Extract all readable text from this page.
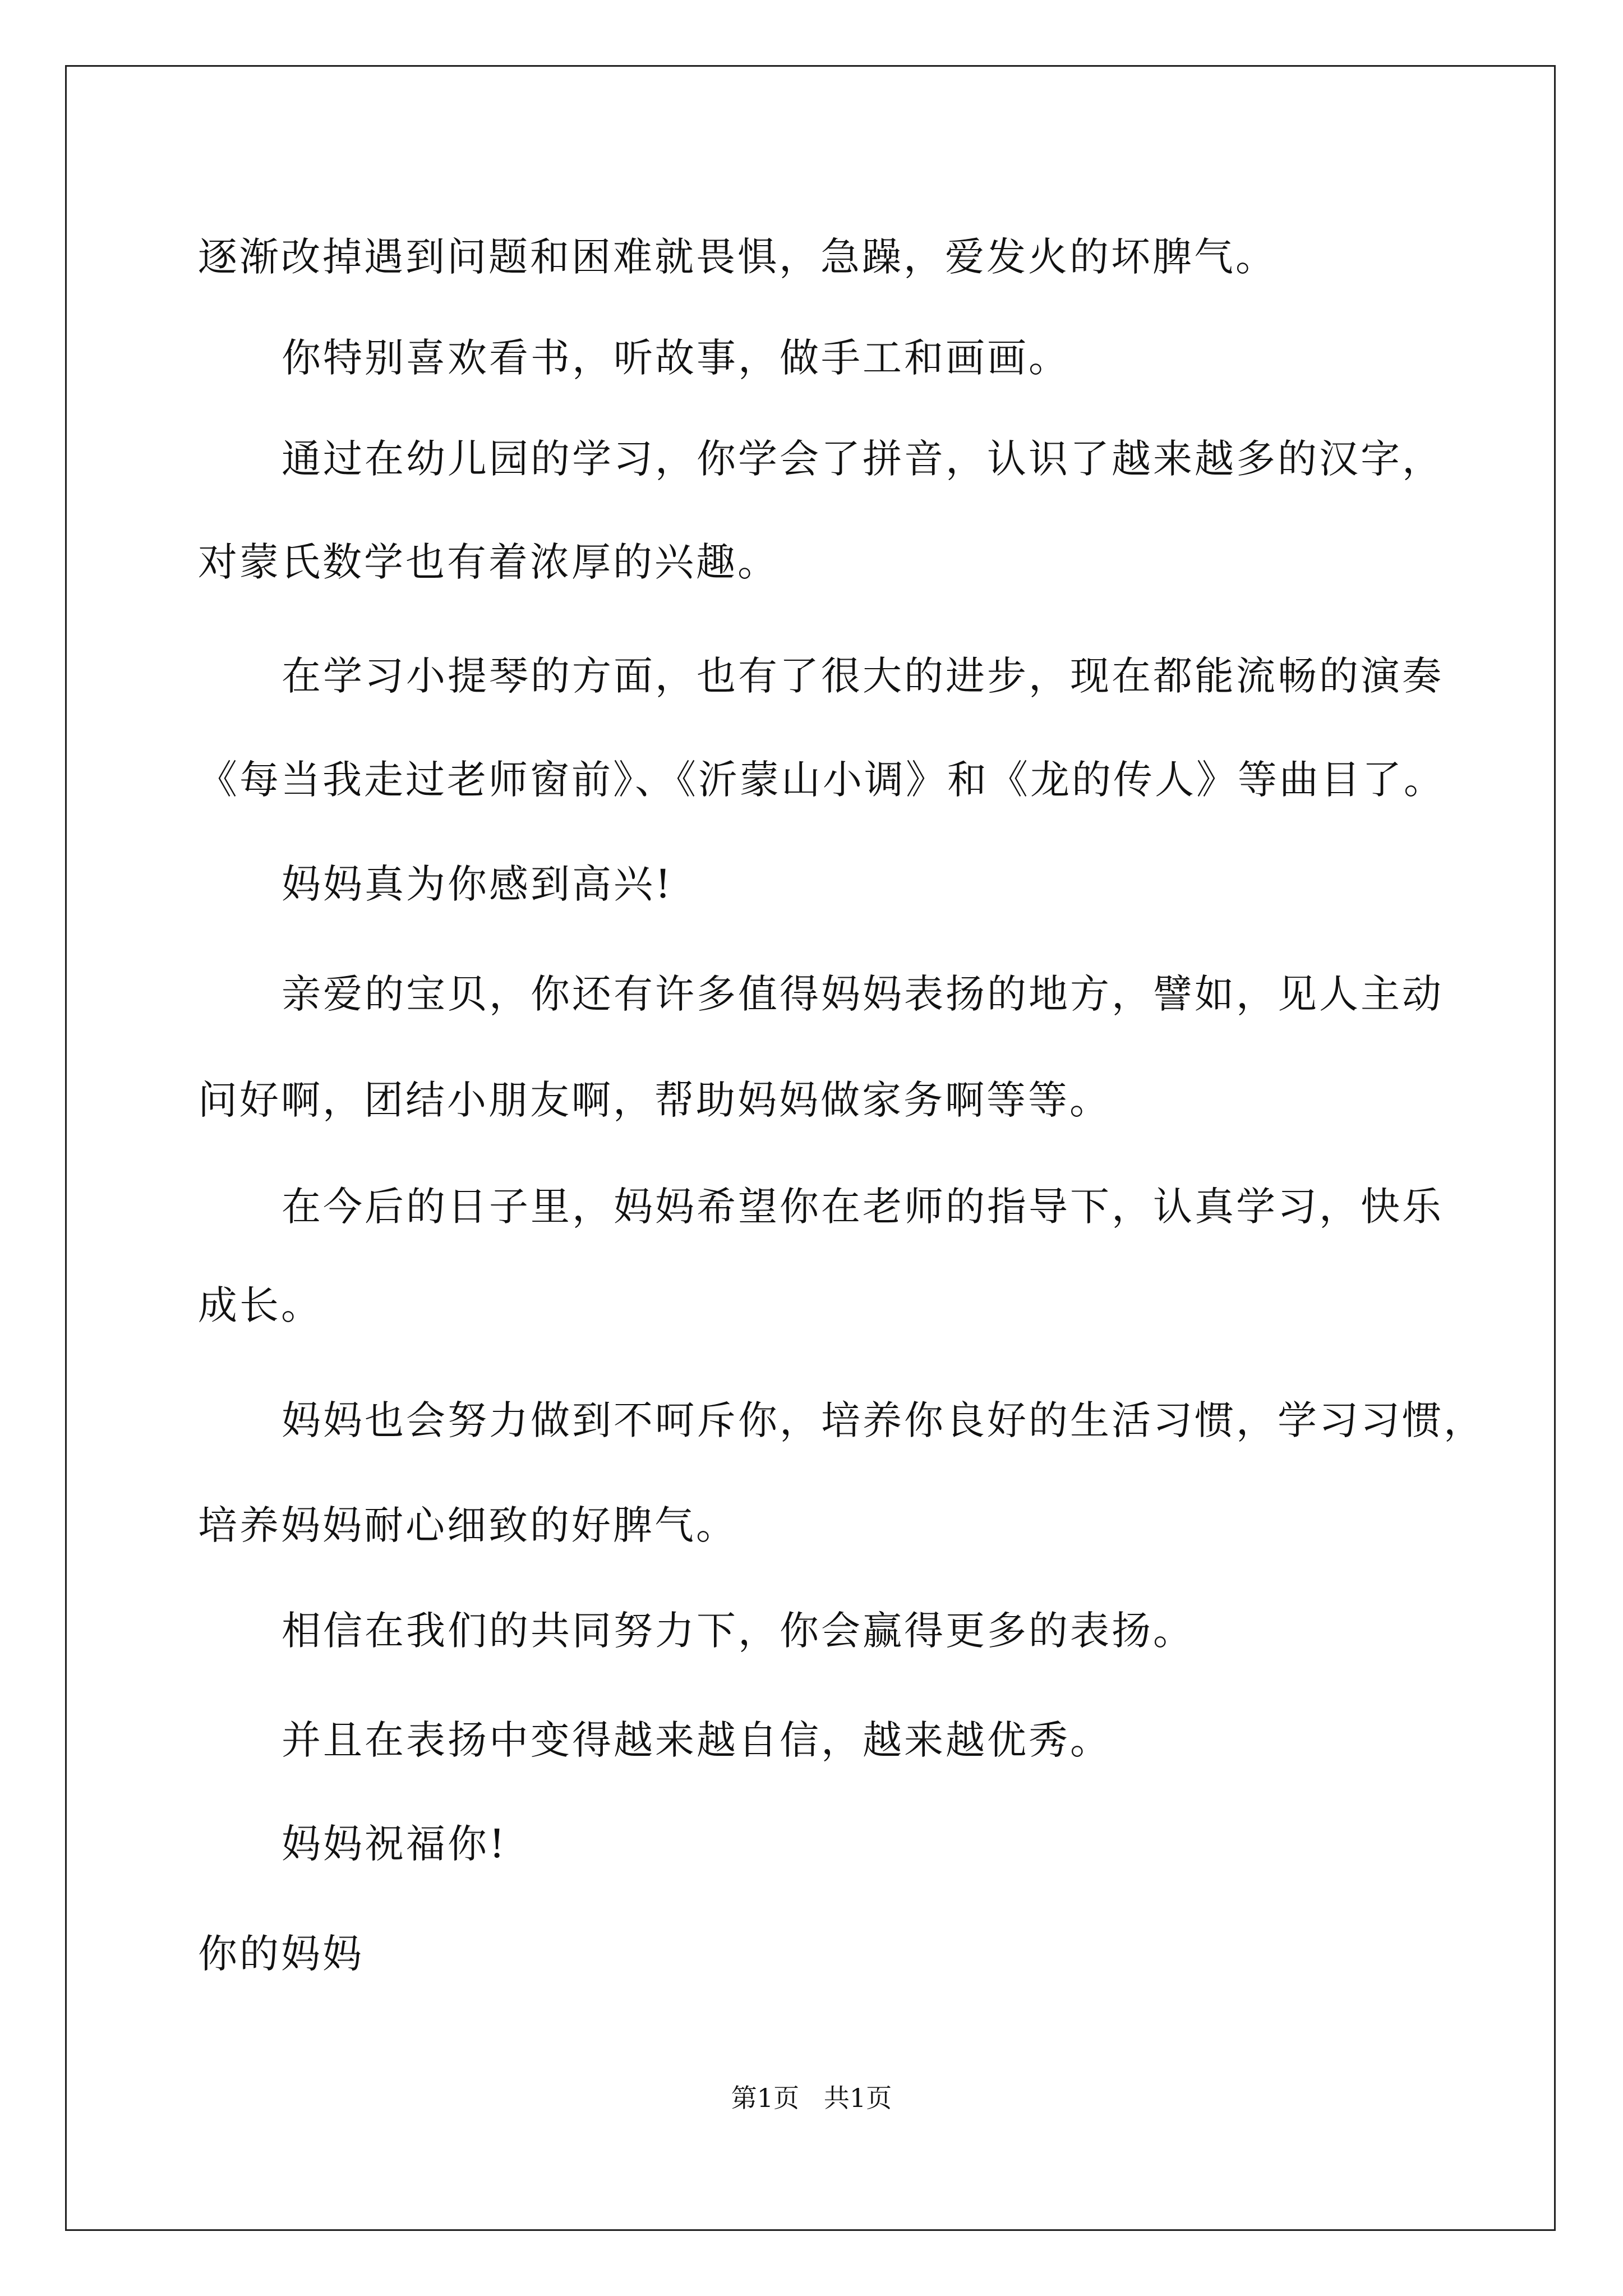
逐渐改掉遇到问题和困难就畏惧，急躁，爱发火的坏脾气。
你特别喜欢看书，听故事，做手工和画画。
通过在幼儿园的学习，你学会了拼音，认识了越来越多的汉字，
对蒙氏数学也有着浓厚的兴趣。
在学习小提琴的方面，也有了很大的进步，现在都能流畅的演奏
《每当我走过老师窗前》、《沂蒙山小调》和《龙的传人》等曲目了。
妈妈真为你感到高兴!
亲爱的宝贝，你还有许多值得妈妈表扬的地方，譬如，见人主动
问好啊，团结小朋友啊，帮助妈妈做家务啊等等。
在今后的日子里，妈妈希望你在老师的指导下，认真学习，快乐
成长。
妈妈也会努力做到不呵斥你，培养你良好的生活习惯，学习习惯，
培养妈妈耐心细致的好脾气。
相信在我们的共同努力下，你会赢得更多的表扬。
并且在表扬中变得越来越自信，越来越优秀。
妈妈祝福你!
你的妈妈
第1页   共1页
